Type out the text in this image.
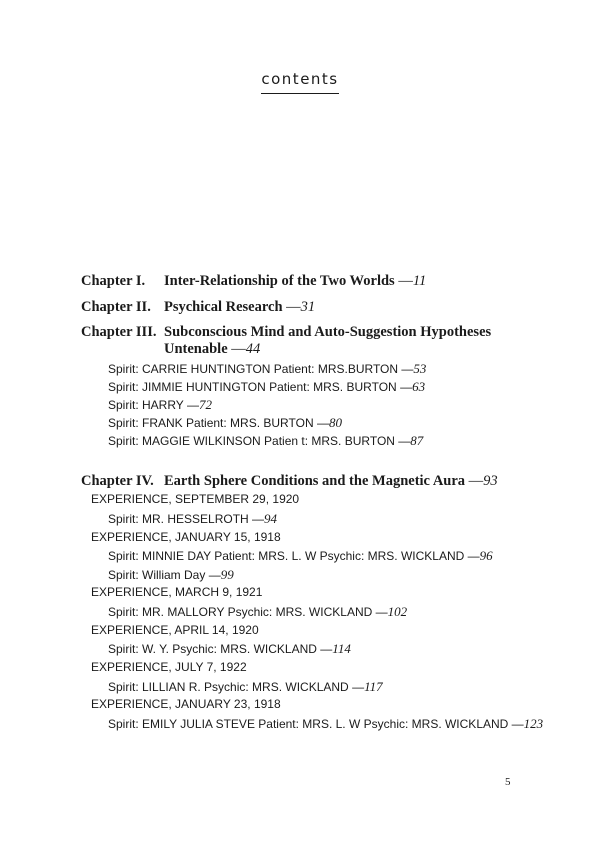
contents
Chapter I. Inter-Relationship of the Two Worlds —11
Chapter II. Psychical Research —31
Chapter III. Subconscious Mind and Auto-Suggestion Hypotheses
Untenable —44
Spirit: CARRIE HUNTINGTON Patient: MRS.BURTON —53
Spirit: JIMMIE HUNTINGTON Patient: MRS. BURTON —63
Spirit: HARRY —72
Spirit: FRANK Patient: MRS. BURTON —80
Spirit: MAGGIE WILKINSON Patien t: MRS. BURTON —87
Chapter IV. Earth Sphere Conditions and the Magnetic Aura —93
EXPERIENCE, SEPTEMBER 29, 1920
Spirit: MR. HESSELROTH —94
EXPERIENCE, JANUARY 15, 1918
Spirit: MINNIE DAY Patient: MRS. L. W Psychic: MRS. WICKLAND —96
Spirit: William Day —99
EXPERIENCE, MARCH 9, 1921
Spirit: MR. MALLORY Psychic: MRS. WICKLAND —102
EXPERIENCE, APRIL 14, 1920
Spirit: W. Y. Psychic: MRS. WICKLAND —114
EXPERIENCE, JULY 7, 1922
Spirit: LILLIAN R. Psychic: MRS. WICKLAND —117
EXPERIENCE, JANUARY 23, 1918
Spirit: EMILY JULIA STEVE Patient: MRS. L. W Psychic: MRS. WICKLAND —123
5
